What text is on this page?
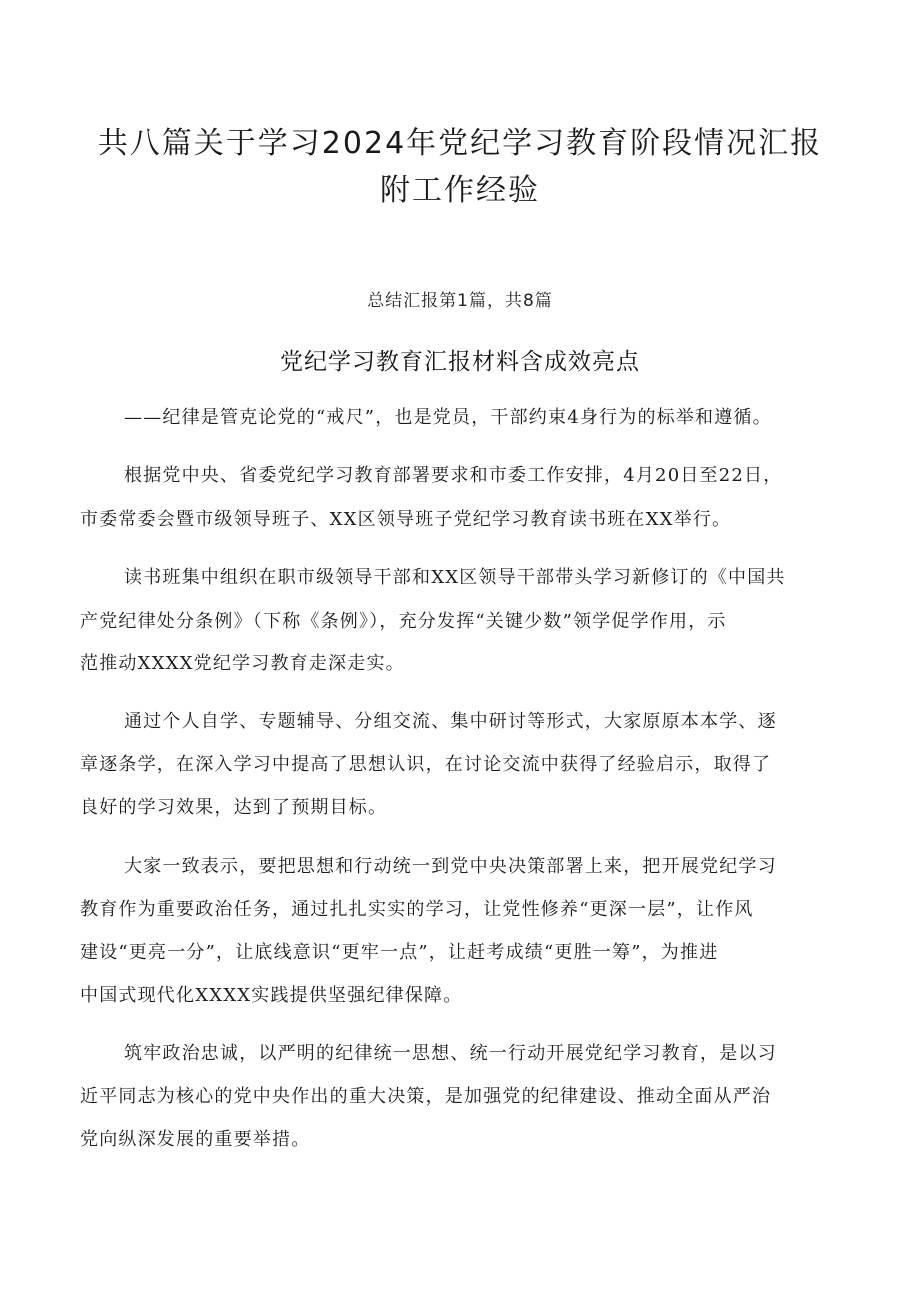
共八篇关于学习2024年党纪学习教育阶段情况汇报
附工作经验

总结汇报第1篇，共8篇

党纪学习教育汇报材料含成效亮点

——纪律是管克论党的“戒尺”，也是党员，干部约束4身行为的标举和遵循。

根据党中央、省委党纪学习教育部署要求和市委工作安排，4月20日至22日，

市委常委会暨市级领导班子、XX区领导班子党纪学习教育读书班在XX举行。

读书班集中组织在职市级领导干部和XX区领导干部带头学习新修订的《中国共

产党纪律处分条例》（下称《条例》），充分发挥“关键少数”领学促学作用，示

范推动XXXX党纪学习教育走深走实。

通过个人自学、专题辅导、分组交流、集中研讨等形式，大家原原本本学、逐

章逐条学，在深入学习中提高了思想认识，在讨论交流中获得了经验启示，取得了

良好的学习效果，达到了预期目标。

大家一致表示，要把思想和行动统一到党中央决策部署上来，把开展党纪学习

教育作为重要政治任务，通过扎扎实实的学习，让党性修养“更深一层”，让作风

建设“更亮一分”，让底线意识“更牢一点”，让赶考成绩“更胜一筹”，为推进

中国式现代化XXXX实践提供坚强纪律保障。

筑牢政治忠诚，以严明的纪律统一思想、统一行动开展党纪学习教育，是以习

近平同志为核心的党中央作出的重大决策，是加强党的纪律建设、推动全面从严治

党向纵深发展的重要举措。
